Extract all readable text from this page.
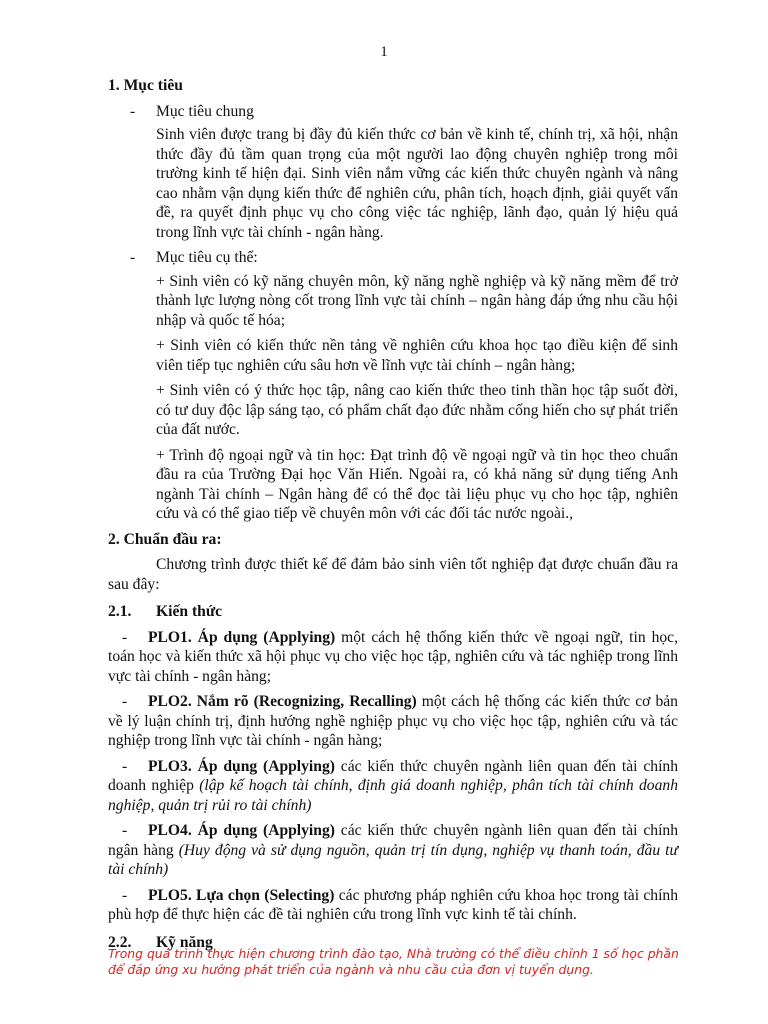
1
1. Mục tiêu
-	Mục tiêu chung
Sinh viên được trang bị đầy đủ kiến thức cơ bản về kinh tế, chính trị, xã hội, nhận thức đầy đủ tầm quan trọng của một người lao động chuyên nghiệp trong môi trường kinh tế hiện đại. Sinh viên nắm vững các kiến thức chuyên ngành và nâng cao nhằm vận dụng kiến thức để nghiên cứu, phân tích, hoạch định, giải quyết vấn đề, ra quyết định phục vụ cho công việc tác nghiệp, lãnh đạo, quản lý hiệu quả trong lĩnh vực tài chính - ngân hàng.
-	Mục tiêu cụ thể:
+ Sinh viên có kỹ năng chuyên môn, kỹ năng nghề nghiệp và kỹ năng mềm để trở thành lực lượng nòng cốt trong lĩnh vực tài chính – ngân hàng đáp ứng nhu cầu hội nhập và quốc tế hóa;
+ Sinh viên có kiến thức nền tảng về nghiên cứu khoa học tạo điều kiện để sinh viên tiếp tục nghiên cứu sâu hơn về lĩnh vực tài chính – ngân hàng;
+ Sinh viên có ý thức học tập, nâng cao kiến thức theo tinh thần học tập suốt đời, có tư duy độc lập sáng tạo, có phẩm chất đạo đức nhằm cống hiến cho sự phát triển của đất nước.
+ Trình độ ngoại ngữ và tin học: Đạt trình độ về ngoại ngữ và tin học theo chuẩn đầu ra của Trường Đại học Văn Hiến. Ngoài ra, có khả năng sử dụng tiếng Anh ngành Tài chính – Ngân hàng để có thể đọc tài liệu phục vụ cho học tập, nghiên cứu và có thể giao tiếp về chuyên môn với các đối tác nước ngoài.,
2. Chuẩn đầu ra:
Chương trình được thiết kế để đảm bảo sinh viên tốt nghiệp đạt được chuẩn đầu ra sau đây:
2.1.	Kiến thức
- PLO1. Áp dụng (Applying) một cách hệ thống kiến thức về ngoại ngữ, tin học, toán học và kiến thức xã hội phục vụ cho việc học tập, nghiên cứu và tác nghiệp trong lĩnh vực tài chính - ngân hàng;
- PLO2. Nắm rõ (Recognizing, Recalling) một cách hệ thống các kiến thức cơ bản về lý luận chính trị, định hướng nghề nghiệp phục vụ cho việc học tập, nghiên cứu và tác nghiệp trong lĩnh vực tài chính - ngân hàng;
- PLO3. Áp dụng (Applying) các kiến thức chuyên ngành liên quan đến tài chính doanh nghiệp (lập kế hoạch tài chính, định giá doanh nghiệp, phân tích tài chính doanh nghiệp, quản trị rủi ro tài chính)
- PLO4. Áp dụng (Applying) các kiến thức chuyên ngành liên quan đến tài chính ngân hàng (Huy động và sử dụng nguồn, quản trị tín dụng, nghiệp vụ thanh toán, đầu tư tài chính)
- PLO5. Lựa chọn (Selecting) các phương pháp nghiên cứu khoa học trong tài chính phù hợp để thực hiện các đề tài nghiên cứu trong lĩnh vực kinh tế tài chính.
2.2.	Kỹ năng
Trong quá trình thực hiện chương trình đào tạo, Nhà trường có thể điều chỉnh 1 số học phần để đáp ứng xu hướng phát triển của ngành và nhu cầu của đơn vị tuyển dụng.
